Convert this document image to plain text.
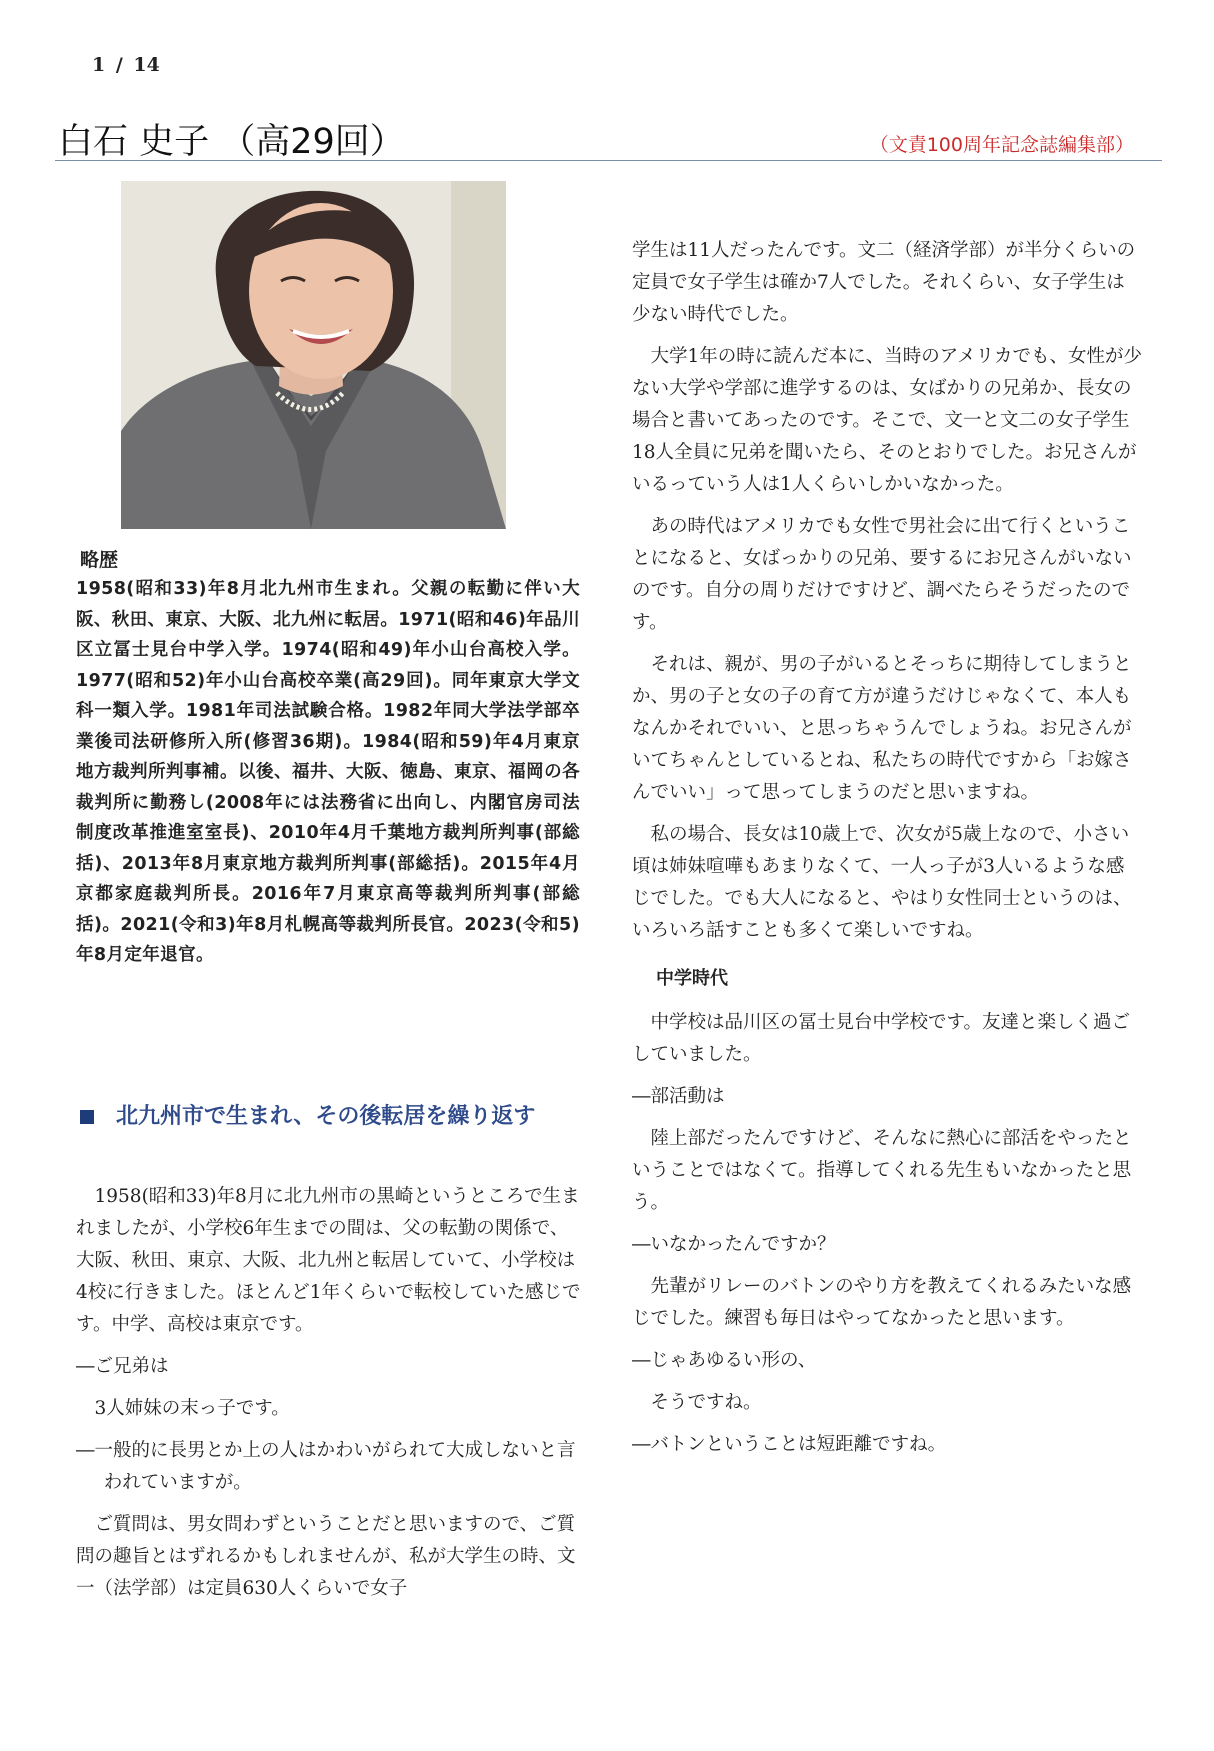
1 / 14
白石 史子 （高29回）	（文責100周年記念誌編集部）
略歴
1958(昭和33)年8月北九州市生まれ。父親の転勤に伴い大阪、秋田、東京、大阪、北九州に転居。1971(昭和46)年品川区立冨士見台中学入学。1974(昭和49)年小山台高校入学。1977(昭和52)年小山台高校卒業(高29回)。同年東京大学文科一類入学。1981年司法試験合格。1982年同大学法学部卒業後司法研修所入所(修習36期)。1984(昭和59)年4月東京地方裁判所判事補。以後、福井、大阪、徳島、東京、福岡の各裁判所に勤務し(2008年には法務省に出向し、内閣官房司法制度改革推進室室長)、2010年4月千葉地方裁判所判事(部総括)、2013年8月東京地方裁判所判事(部総括)。2015年4月京都家庭裁判所長。2016年7月東京高等裁判所判事(部総括)。2021(令和3)年8月札幌高等裁判所長官。2023(令和5)年8月定年退官。
北九州市で生まれ、その後転居を繰り返す

1958(昭和33)年8月に北九州市の黒崎というところで生まれましたが、小学校6年生までの間は、父の転勤の関係で、大阪、秋田、東京、大阪、北九州と転居していて、小学校は4校に行きました。ほとんど1年くらいで転校していた感じです。中学、高校は東京です。

―ご兄弟は

3人姉妹の末っ子です。

―一般的に長男とか上の人はかわいがられて大成しないと言われていますが。

ご質問は、男女問わずということだと思いますので、ご質問の趣旨とはずれるかもしれませんが、私が大学生の時、文一（法学部）は定員630人くらいで女子

学生は11人だったんです。文二（経済学部）が半分くらいの定員で女子学生は確か7人でした。それくらい、女子学生は少ない時代でした。

大学1年の時に読んだ本に、当時のアメリカでも、女性が少ない大学や学部に進学するのは、女ばかりの兄弟か、長女の場合と書いてあったのです。そこで、文一と文二の女子学生18人全員に兄弟を聞いたら、そのとおりでした。お兄さんがいるっていう人は1人くらいしかいなかった。

あの時代はアメリカでも女性で男社会に出て行くということになると、女ばっかりの兄弟、要するにお兄さんがいないのです。自分の周りだけですけど、調べたらそうだったのです。

それは、親が、男の子がいるとそっちに期待してしまうとか、男の子と女の子の育て方が違うだけじゃなくて、本人もなんかそれでいい、と思っちゃうんでしょうね。お兄さんがいてちゃんとしているとね、私たちの時代ですから「お嫁さんでいい」って思ってしまうのだと思いますね。

私の場合、長女は10歳上で、次女が5歳上なので、小さい頃は姉妹喧嘩もあまりなくて、一人っ子が3人いるような感じでした。でも大人になると、やはり女性同士というのは、いろいろ話すことも多くて楽しいですね。

中学時代

中学校は品川区の冨士見台中学校です。友達と楽しく過ごしていました。

―部活動は

陸上部だったんですけど、そんなに熱心に部活をやったということではなくて。指導してくれる先生もいなかったと思う。

―いなかったんですか？

先輩がリレーのバトンのやり方を教えてくれるみたいな感じでした。練習も毎日はやってなかったと思います。

―じゃあゆるい形の、

そうですね。

―バトンということは短距離ですね。
